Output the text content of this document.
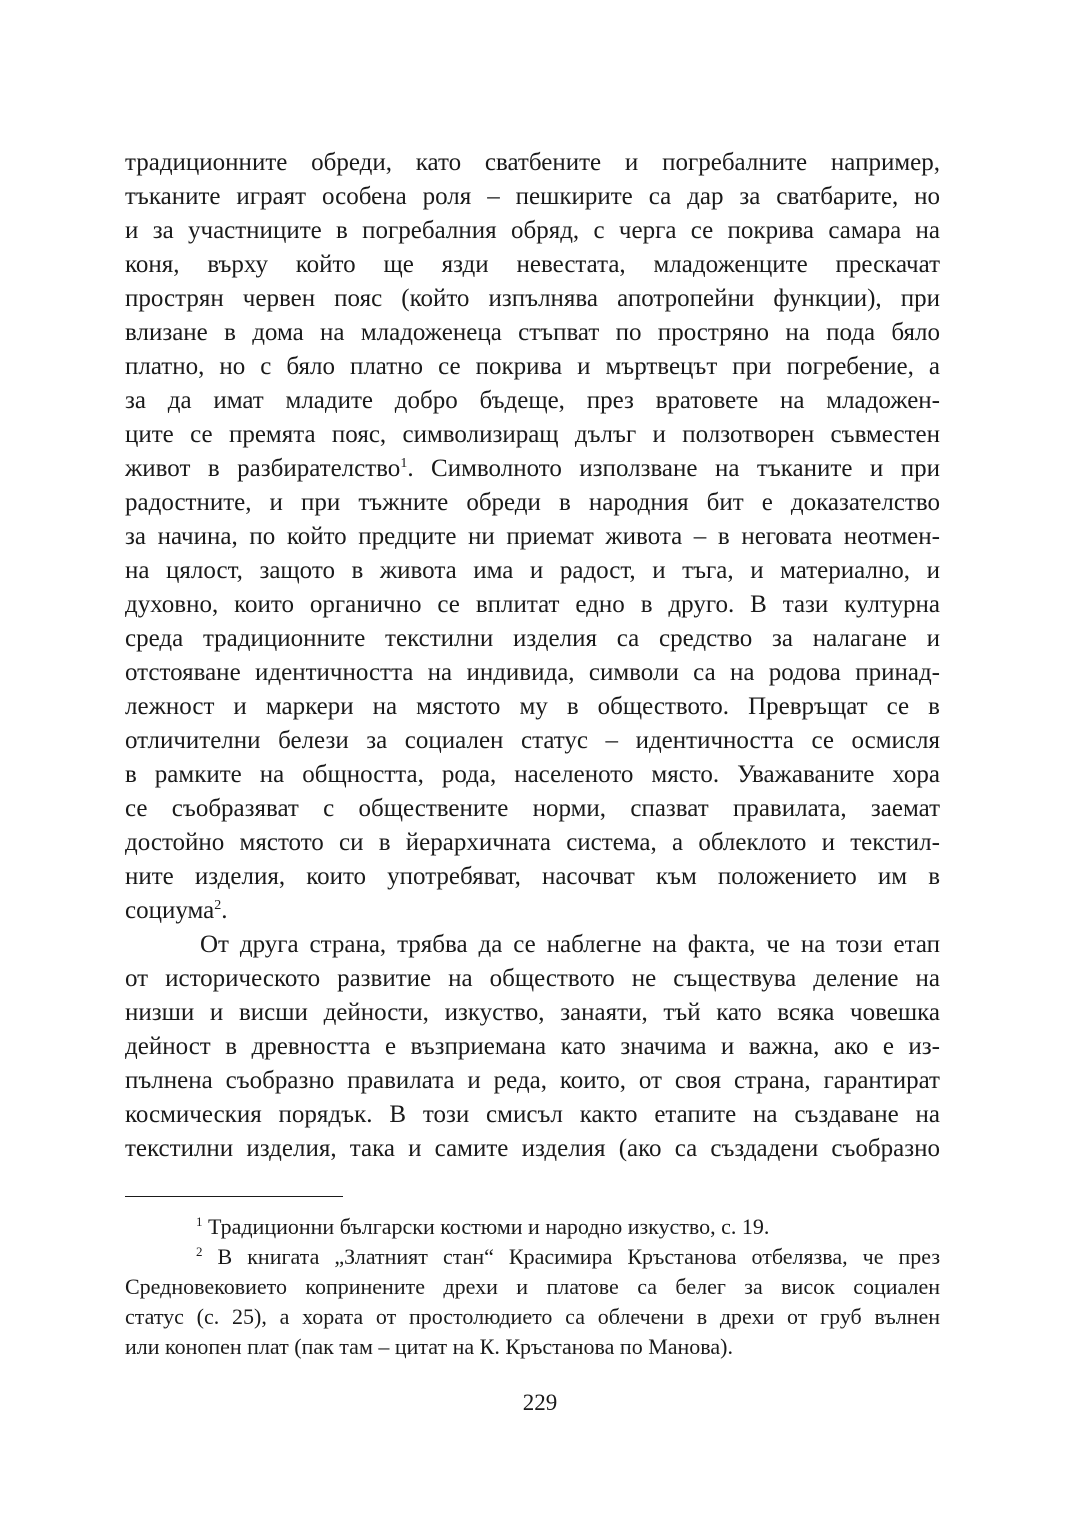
традиционните обреди, като сватбените и погребалните например,
тъканите играят особена роля – пешкирите са дар за сватбарите, но
и за участниците в погребалния обряд, с черга се покрива самара на
коня, върху който ще язди невестата, младоженците прескачат
прострян червен пояс (който изпълнява апотропейни функции), при
влизане в дома на младоженеца стъпват по простряно на пода бяло
платно, но с бяло платно се покрива и мъртвецът при погребение, а
за да имат младите добро бъдеще, през вратовете на младожен-
ците се премята пояс, символизиращ дълъг и ползотворен съвместен
живот в разбирателство$^1$. Символното използване на тъканите и при
радостните, и при тъжните обреди в народния бит е доказателство
за начина, по който предците ни приемат живота – в неговата неотмен-
на цялост, защото в живота има и радост, и тъга, и материално, и
духовно, които органично се вплитат едно в друго. В тази културна
среда традиционните текстилни изделия са средство за налагане и
отстояване идентичността на индивида, символи са на родова принад-
лежност и маркери на мястото му в обществото. Превръщат се в
отличителни белези за социален статус – идентичността се осмисля
в рамките на общността, рода, населеното място. Уважаваните хора
се съобразяват с обществените норми, спазват правилата, заемат
достойно мястото си в йерархичната система, а облеклото и текстил-
ните изделия, които употребяват, насочват към положението им в
социума$^2$.
От друга страна, трябва да се наблегне на факта, че на този етап
от историческото развитие на обществото не съществува деление на
низши и висши дейности, изкуство, занаяти, тъй като всяка човешка
дейност в древността е възприемана като значима и важна, ако е из-
пълнена съобразно правилата и реда, които, от своя страна, гарантират
космическия порядък. В този смисъл както етапите на създаване на
текстилни изделия, така и самите изделия (ако са създадени съобразно
$^1$ Традиционни български костюми и народно изкуство, с. 19.
$^2$ В книгата „Златният стан“ Красимира Кръстанова отбелязва, че през
Средновековието копринените дрехи и платове са белег за висок социален
статус (с. 25), а хората от простолюдието са облечени в дрехи от груб вълнен
или конопен плат (пак там – цитат на К. Кръстанова по Манова).
229
